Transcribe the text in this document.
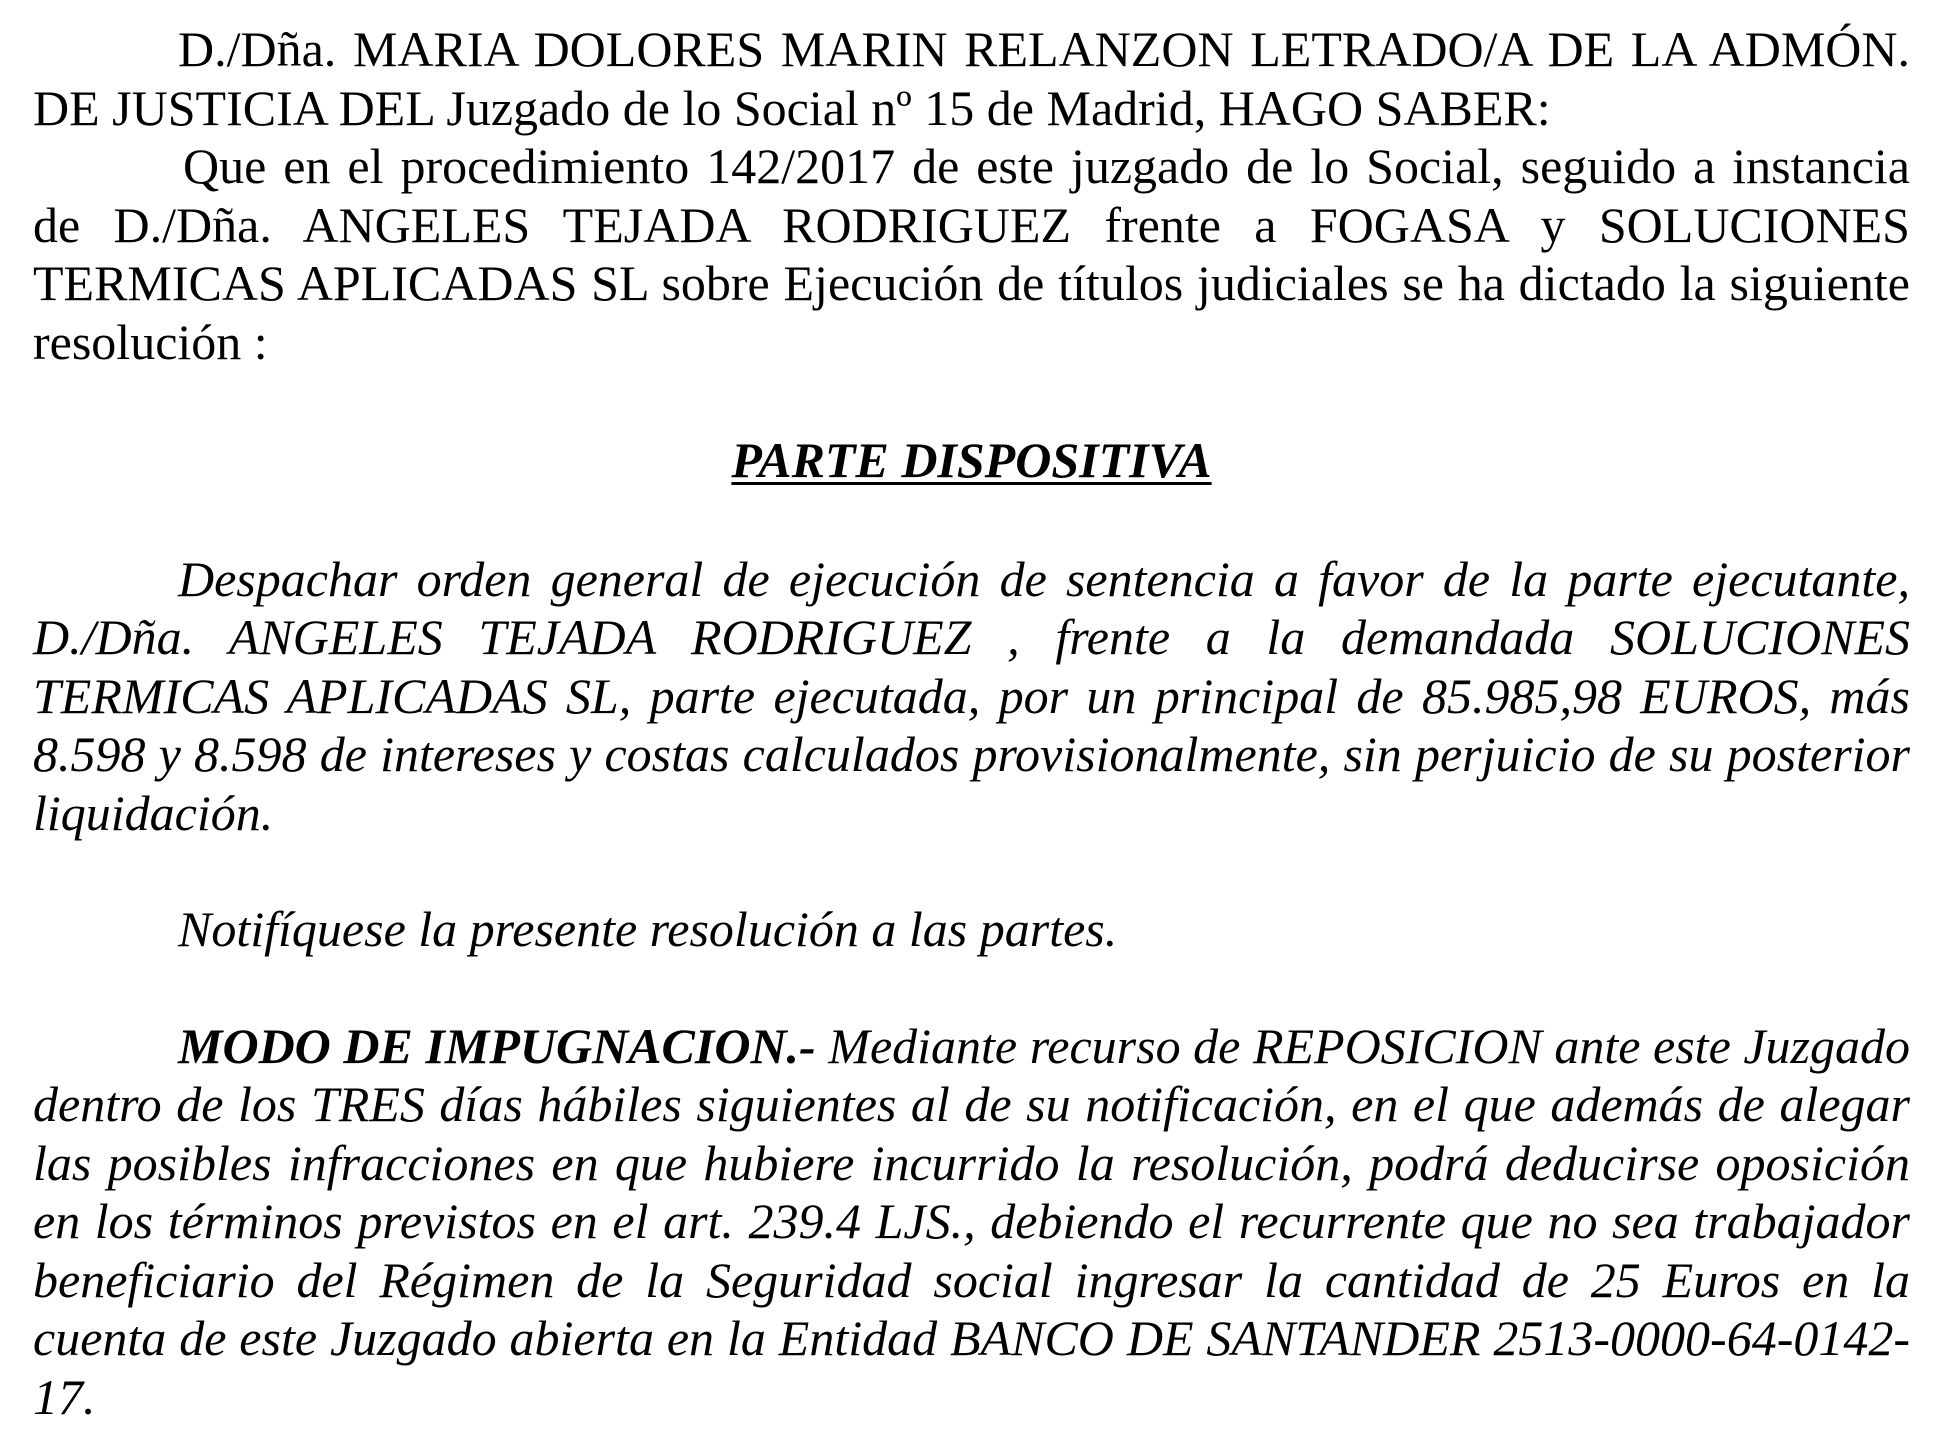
D./Dña. MARIA DOLORES MARIN RELANZON LETRADO/A DE LA ADMÓN. DE JUSTICIA DEL Juzgado de lo Social nº 15 de Madrid, HAGO SABER:

Que en el procedimiento 142/2017 de este juzgado de lo Social, seguido a instancia de D./Dña. ANGELES TEJADA RODRIGUEZ frente a FOGASA y SOLUCIONES TERMICAS APLICADAS SL sobre Ejecución de títulos judiciales se ha dictado la siguiente resolución :

PARTE DISPOSITIVA

Despachar orden general de ejecución de sentencia a favor de la parte ejecutante, D./Dña. ANGELES TEJADA RODRIGUEZ , frente a la demandada SOLUCIONES TERMICAS APLICADAS SL, parte ejecutada, por un principal de 85.985,98 EUROS, más 8.598 y 8.598 de intereses y costas calculados provisionalmente, sin perjuicio de su posterior liquidación.

Notifíquese la presente resolución a las partes.

MODO DE IMPUGNACION.- Mediante recurso de REPOSICION ante este Juzgado dentro de los TRES días hábiles siguientes al de su notificación, en el que además de alegar las posibles infracciones en que hubiere incurrido la resolución, podrá deducirse oposición en los términos previstos en el art. 239.4 LJS., debiendo el recurrente que no sea trabajador beneficiario del Régimen de la Seguridad social ingresar la cantidad de 25 Euros en la cuenta de este Juzgado abierta en la Entidad BANCO DE SANTANDER 2513-0000-64-0142-17.
